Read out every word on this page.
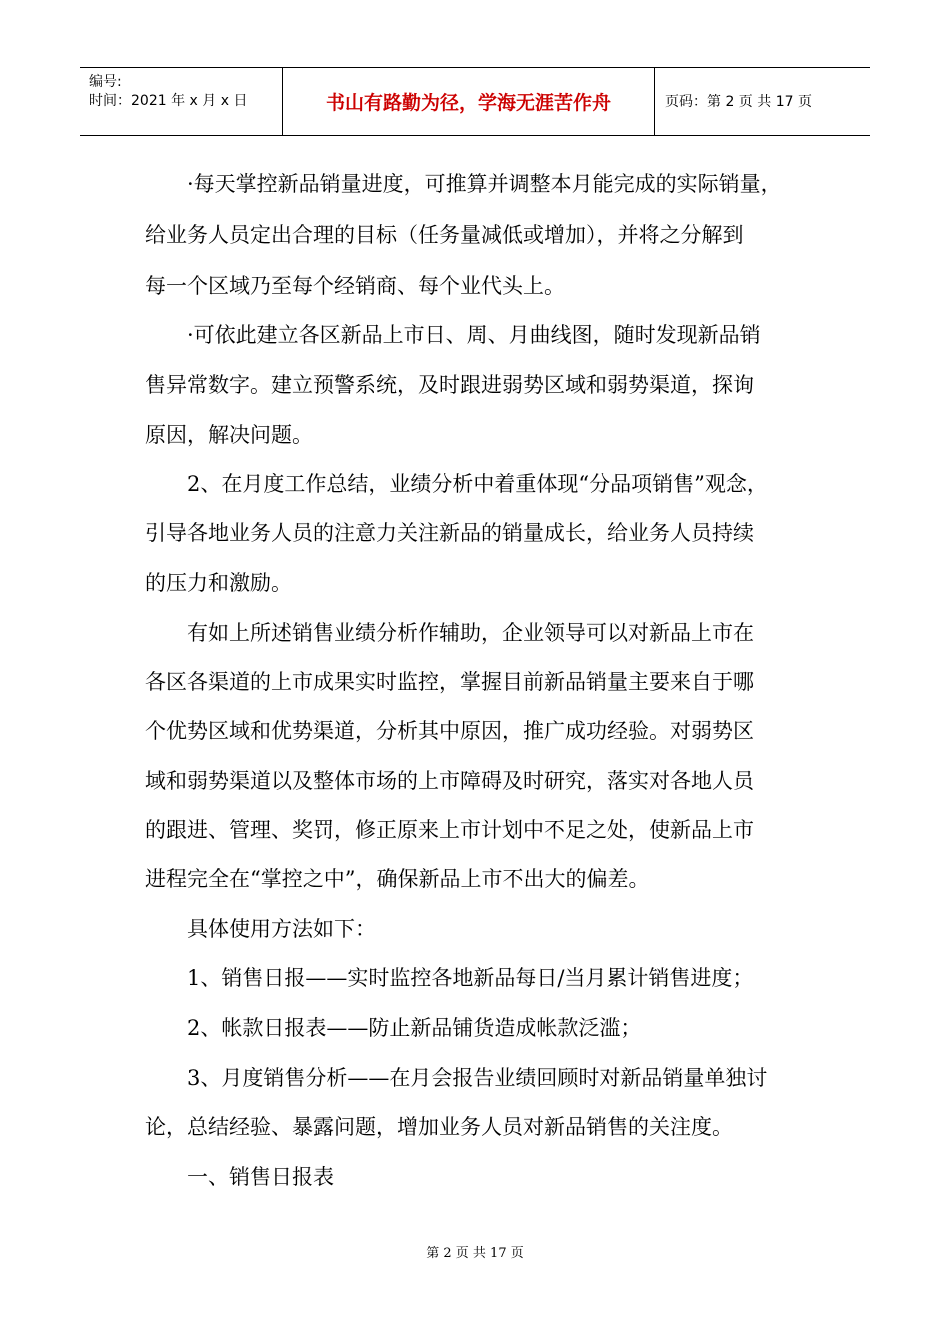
编号:
时间：2021 年 x 月 x 日	书山有路勤为径，学海无涯苦作舟	页码：第 2 页 共 17 页
·每天掌控新品销量进度，可推算并调整本月能完成的实际销量，
给业务人员定出合理的目标（任务量减低或增加），并将之分解到
每一个区域乃至每个经销商、每个业代头上。
·可依此建立各区新品上市日、周、月曲线图，随时发现新品销
售异常数字。建立预警系统，及时跟进弱势区域和弱势渠道，探询
原因，解决问题。
2、在月度工作总结，业绩分析中着重体现“分品项销售”观念，
引导各地业务人员的注意力关注新品的销量成长，给业务人员持续
的压力和激励。
有如上所述销售业绩分析作辅助，企业领导可以对新品上市在
各区各渠道的上市成果实时监控，掌握目前新品销量主要来自于哪
个优势区域和优势渠道，分析其中原因，推广成功经验。对弱势区
域和弱势渠道以及整体市场的上市障碍及时研究，落实对各地人员
的跟进、管理、奖罚，修正原来上市计划中不足之处，使新品上市
进程完全在“掌控之中”，确保新品上市不出大的偏差。
具体使用方法如下：
1、销售日报——实时监控各地新品每日/当月累计销售进度；
2、帐款日报表——防止新品铺货造成帐款泛滥；
3、月度销售分析——在月会报告业绩回顾时对新品销量单独讨
论，总结经验、暴露问题，增加业务人员对新品销售的关注度。
一、销售日报表
第 2 页 共 17 页
